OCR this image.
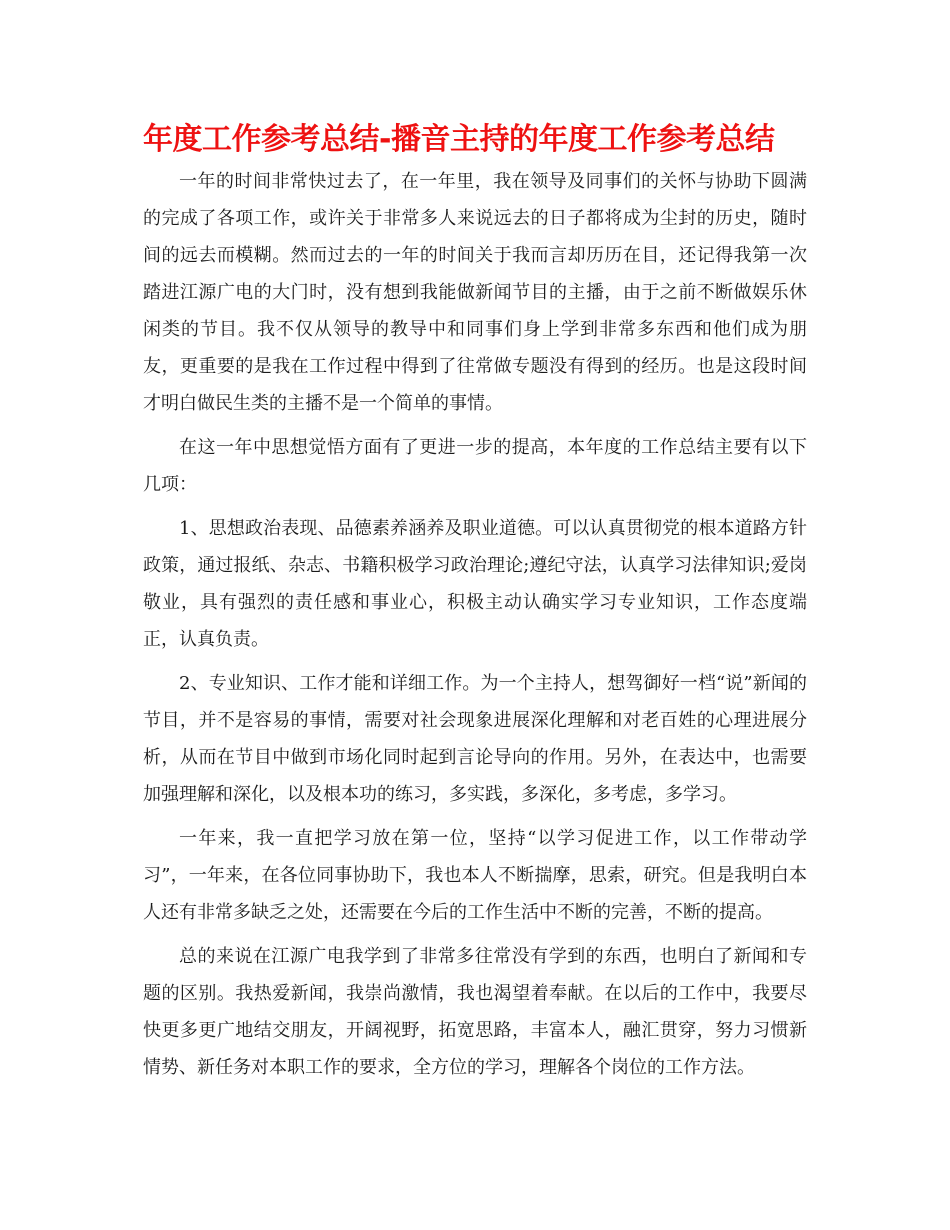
年度工作参考总结-播音主持的年度工作参考总结

一年的时间非常快过去了，在一年里，我在领导及同事们的关怀与协助下圆满的完成了各项工作，或许关于非常多人来说远去的日子都将成为尘封的历史，随时间的远去而模糊。然而过去的一年的时间关于我而言却历历在目，还记得我第一次踏进江源广电的大门时，没有想到我能做新闻节目的主播，由于之前不断做娱乐休闲类的节目。我不仅从领导的教导中和同事们身上学到非常多东西和他们成为朋友，更重要的是我在工作过程中得到了往常做专题没有得到的经历。也是这段时间才明白做民生类的主播不是一个简单的事情。

在这一年中思想觉悟方面有了更进一步的提高，本年度的工作总结主要有以下几项：

1、思想政治表现、品德素养涵养及职业道德。可以认真贯彻党的根本道路方针政策，通过报纸、杂志、书籍积极学习政治理论;遵纪守法，认真学习法律知识;爱岗敬业，具有强烈的责任感和事业心，积极主动认确实学习专业知识，工作态度端正，认真负责。

2、专业知识、工作才能和详细工作。为一个主持人，想驾御好一档“说”新闻的节目，并不是容易的事情，需要对社会现象进展深化理解和对老百姓的心理进展分析，从而在节目中做到市场化同时起到言论导向的作用。另外，在表达中，也需要加强理解和深化，以及根本功的练习，多实践，多深化，多考虑，多学习。

一年来，我一直把学习放在第一位，坚持“以学习促进工作，以工作带动学习”，一年来，在各位同事协助下，我也本人不断揣摩，思索，研究。但是我明白本人还有非常多缺乏之处，还需要在今后的工作生活中不断的完善，不断的提高。

总的来说在江源广电我学到了非常多往常没有学到的东西，也明白了新闻和专题的区别。我热爱新闻，我崇尚激情，我也渴望着奉献。在以后的工作中，我要尽快更多更广地结交朋友，开阔视野，拓宽思路，丰富本人，融汇贯穿，努力习惯新情势、新任务对本职工作的要求，全方位的学习，理解各个岗位的工作方法。
